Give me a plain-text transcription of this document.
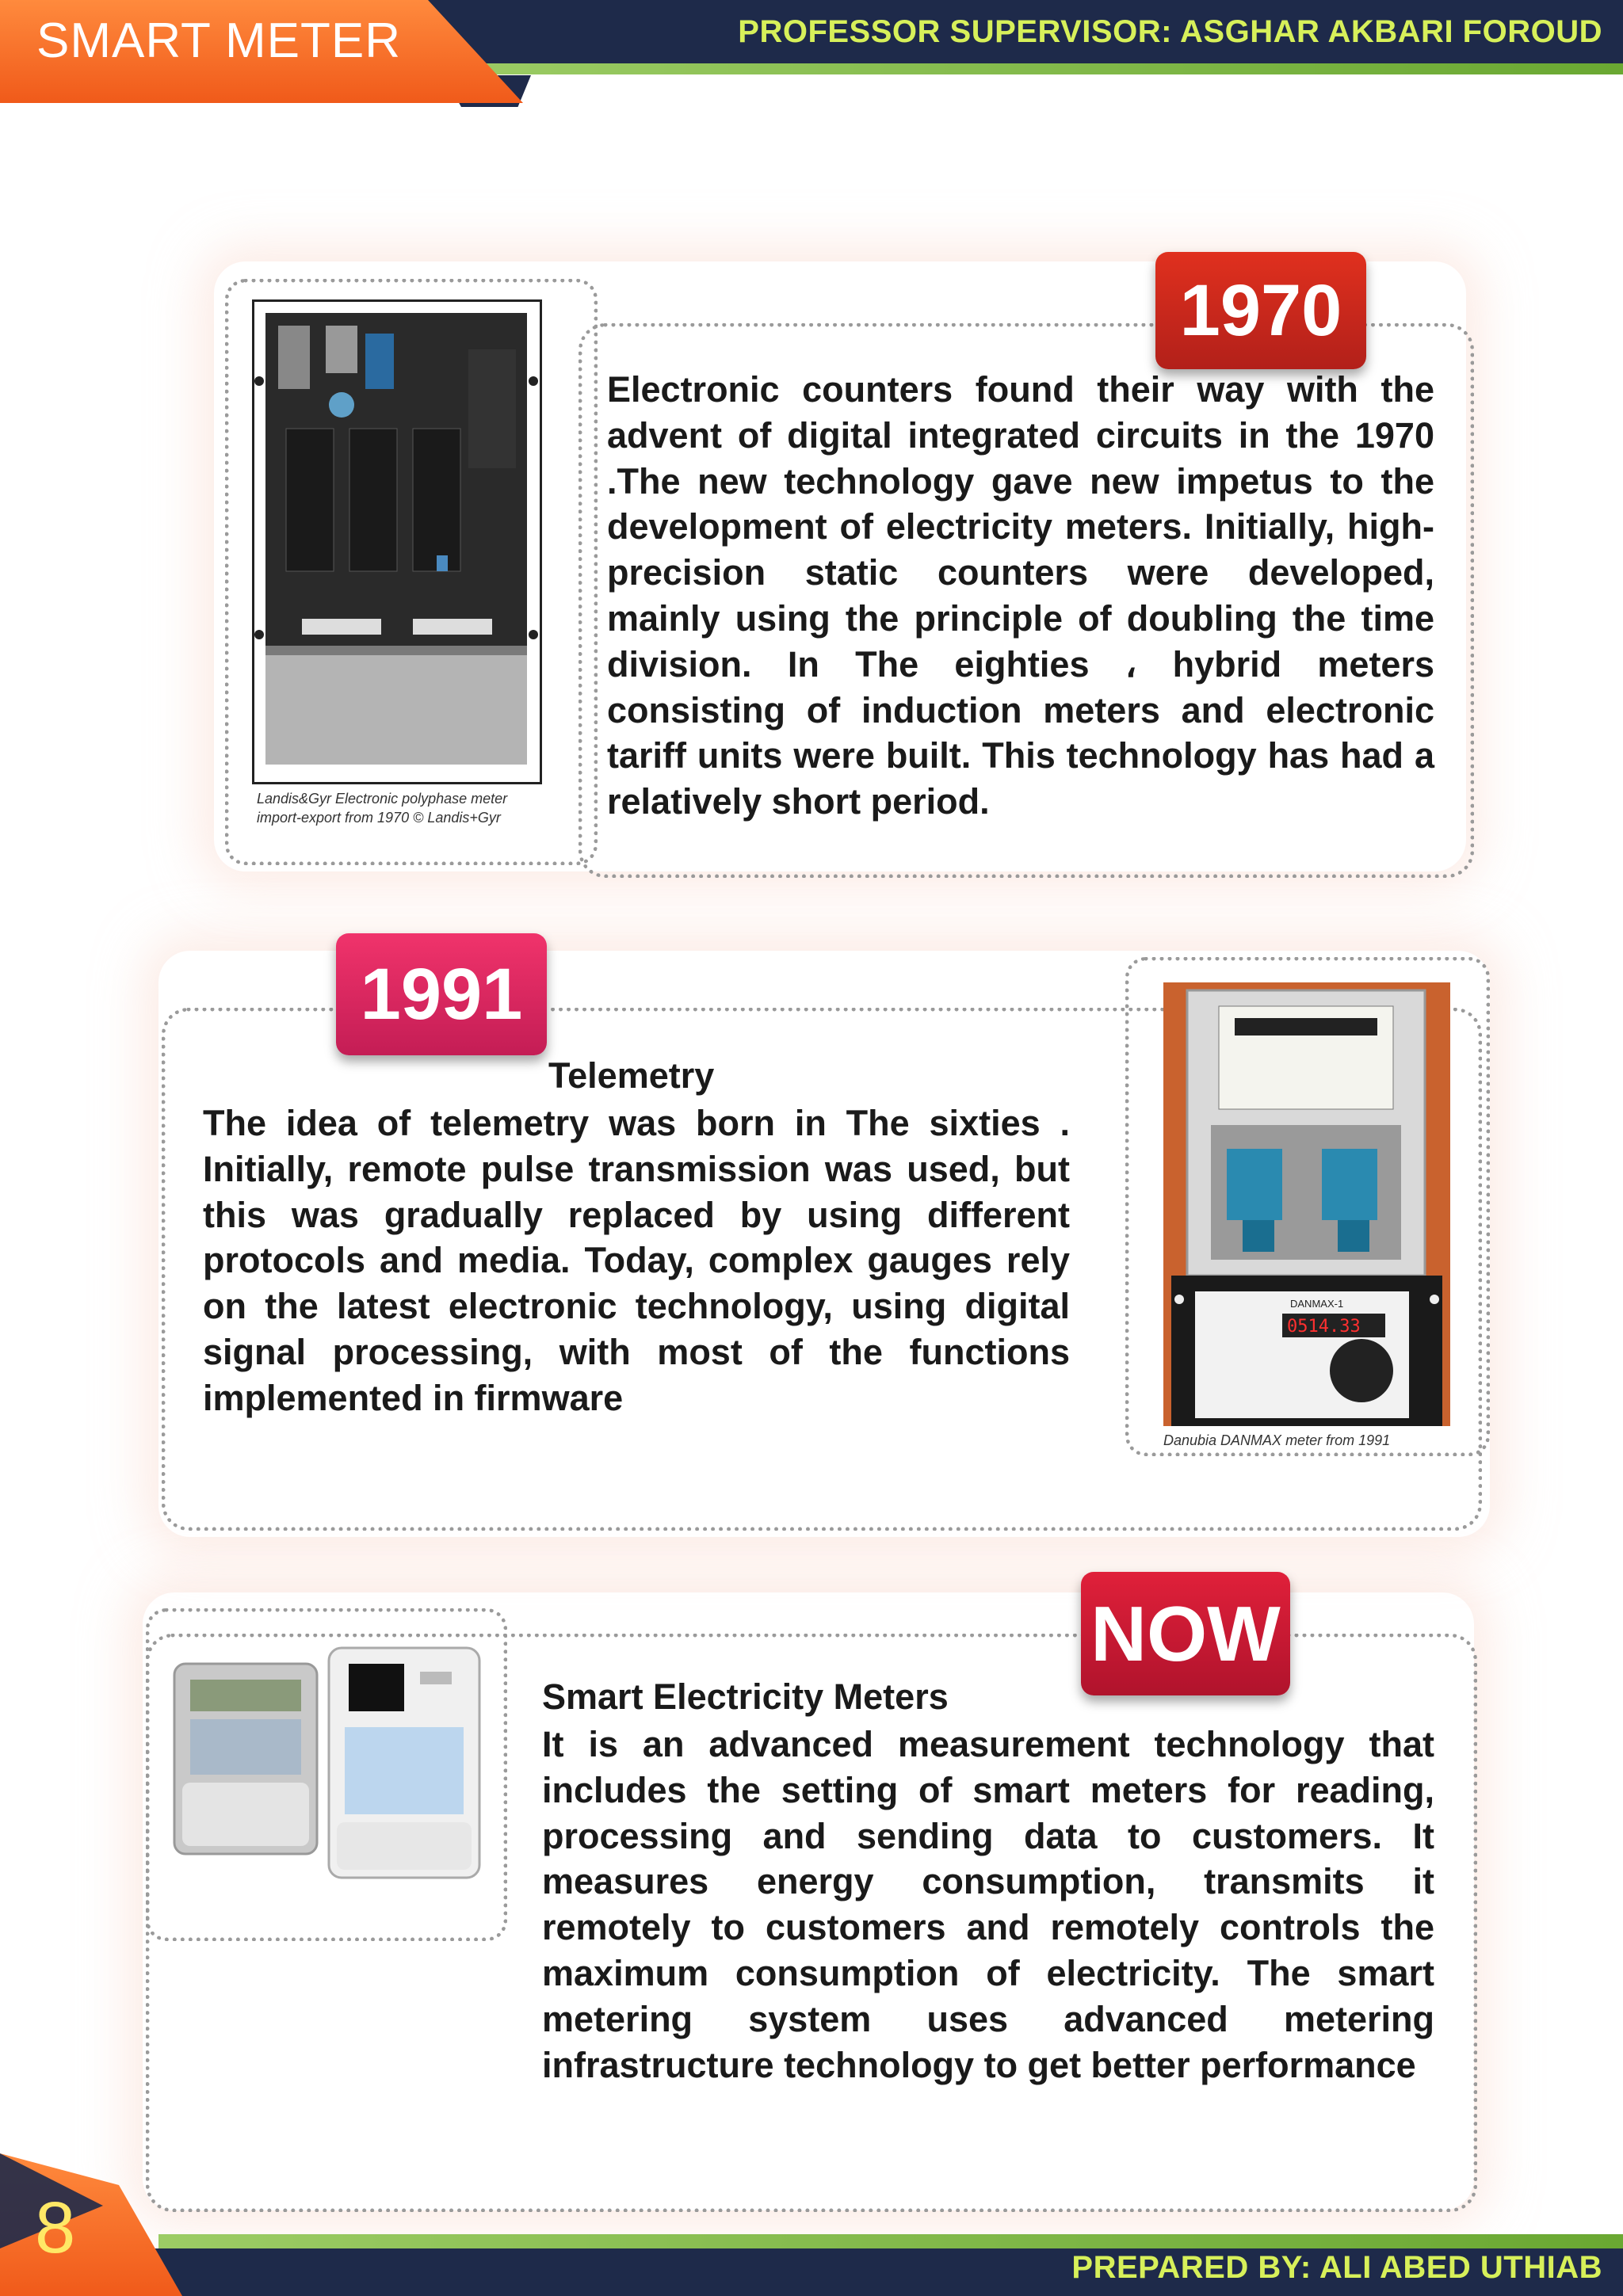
SMART METER	PROFESSOR SUPERVISOR: ASGHAR AKBARI FOROUD
Landis&Gyr Electronic polyphase meter import-export from 1970 © Landis+Gyr
1970
Electronic counters found their way with the advent of digital integrated circuits in the 1970 .The new technology gave new impetus to the development of electricity meters. Initially, high-precision static counters were developed, mainly using the principle of doubling the time division. In The eighties ، hybrid meters consisting of induction meters and electronic tariff units were built. This technology has had a relatively short period.
1991
Telemetry
The idea of telemetry was born in The sixties . Initially, remote pulse transmission was used, but this was gradually replaced by using different protocols and media. Today, complex gauges rely on the latest electronic technology, using digital signal processing, with most of the functions implemented in firmware
DANMAX-1
0514.33
Danubia DANMAX meter from 1991
NOW
Smart Electricity Meters
It is an advanced measurement technology that includes the setting of smart meters for reading, processing and sending data to customers. It measures energy consumption, transmits it remotely to customers and remotely controls the maximum consumption of electricity. The smart metering system uses advanced metering infrastructure technology to get better performance
8	PREPARED BY: ALI ABED UTHIAB
